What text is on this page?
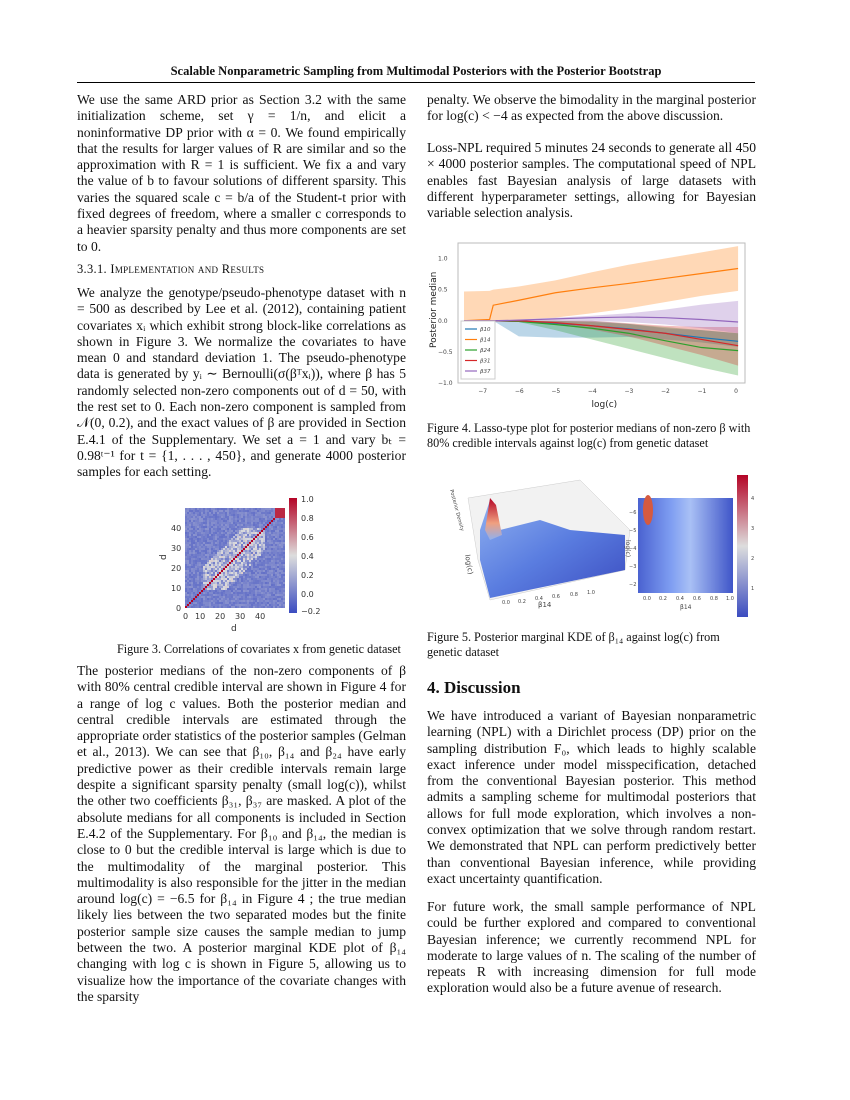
Scalable Nonparametric Sampling from Multimodal Posteriors with the Posterior Bootstrap
We use the same ARD prior as Section 3.2 with the same initialization scheme, set γ = 1/n, and elicit a noninformative DP prior with α = 0. We found empirically that the results for larger values of R are similar and so the approximation with R = 1 is sufficient. We fix a and vary the value of b to favour solutions of different sparsity. This varies the squared scale c = b/a of the Student-t prior with fixed degrees of freedom, where a smaller c corresponds to a heavier sparsity penalty and thus more components are set to 0.
3.3.1. Implementation and Results
We analyze the genotype/pseudo-phenotype dataset with n = 500 as described by Lee et al. (2012), containing patient covariates xᵢ which exhibit strong block-like correlations as shown in Figure 3. We normalize the covariates to have mean 0 and standard deviation 1. The pseudo-phenotype data is generated by yᵢ ∼ Bernoulli(σ(βᵀxᵢ)), where β has 5 randomly selected non-zero components out of d = 50, with the rest set to 0. Each non-zero component is sampled from 𝒩(0, 0.2), and the exact values of β are provided in Section E.4.1 of the Supplementary. We set a = 1 and vary bₜ = 0.98ᵗ⁻¹ for t = {1, . . . , 450}, and generate 4000 posterior samples for each setting.
1.0
0.8
0.6
0.4
0.2
0.0
−0.2
0 10 20 30 40
0
10
20
30
40
d
d
Figure 3. Correlations of covariates x from genetic dataset
The posterior medians of the non-zero components of β with 80% central credible interval are shown in Figure 4 for a range of log c values. Both the posterior median and central credible intervals are estimated through the appropriate order statistics of the posterior samples (Gelman et al., 2013). We can see that β₁₀, β₁₄ and β₂₄ have early predictive power as their credible intervals remain large despite a significant sparsity penalty (small log(c)), whilst the other two coefficients β₃₁, β₃₇ are masked. A plot of the absolute medians for all components is included in Section E.4.2 of the Supplementary. For β₁₀ and β₁₄, the median is close to 0 but the credible interval is large which is due to the multimodality of the marginal posterior. This multimodality is also responsible for the jitter in the median around log(c) = −6.5 for β₁₄ in Figure 4 ; the true median likely lies between the two separated modes but the finite posterior sample size causes the sample median to jump between the two. A posterior marginal KDE plot of β₁₄ changing with log c is shown in Figure 5, allowing us to visualize how the importance of the covariate changes with the sparsity
penalty. We observe the bimodality in the marginal posterior for log(c) < −4 as expected from the above discussion.
Loss-NPL required 5 minutes 24 seconds to generate all 450 × 4000 posterior samples. The computational speed of NPL enables fast Bayesian analysis of large datasets with different hyperparameter settings, allowing for Bayesian variable selection analysis.
−7	−6	−5	−4	−3	−2	−1	0
−1.0
−0.5
0.0
0.5
1.0
log(c)
Posterior median	β10
β14
β24
β31
β37
Figure 4. Lasso-type plot for posterior medians of non-zero β with 80% credible intervals against log(c) from genetic dataset
Posterior Density
log(c)
β14
0.0 0.2 0.4 0.6 0.8 1.0
log(c)
−6
−5
−4
−3
−2
0.0 0.2 0.4 0.6 0.8 1.0
β14
4
3
2
1
Figure 5. Posterior marginal KDE of β₁₄ against log(c) from genetic dataset
4. Discussion
We have introduced a variant of Bayesian nonparametric learning (NPL) with a Dirichlet process (DP) prior on the sampling distribution F₀, which leads to highly scalable exact inference under model misspecification, detached from the conventional Bayesian posterior. This method admits a sampling scheme for multimodal posteriors that allows for full mode exploration, which involves a non-convex optimization that we solve through random restart. We demonstrated that NPL can perform predictively better than conventional Bayesian inference, while providing exact uncertainty quantification.
For future work, the small sample performance of NPL could be further explored and compared to conventional Bayesian inference; we currently recommend NPL for moderate to large values of n. The scaling of the number of repeats R with increasing dimension for full mode exploration would also be a future avenue of research.
